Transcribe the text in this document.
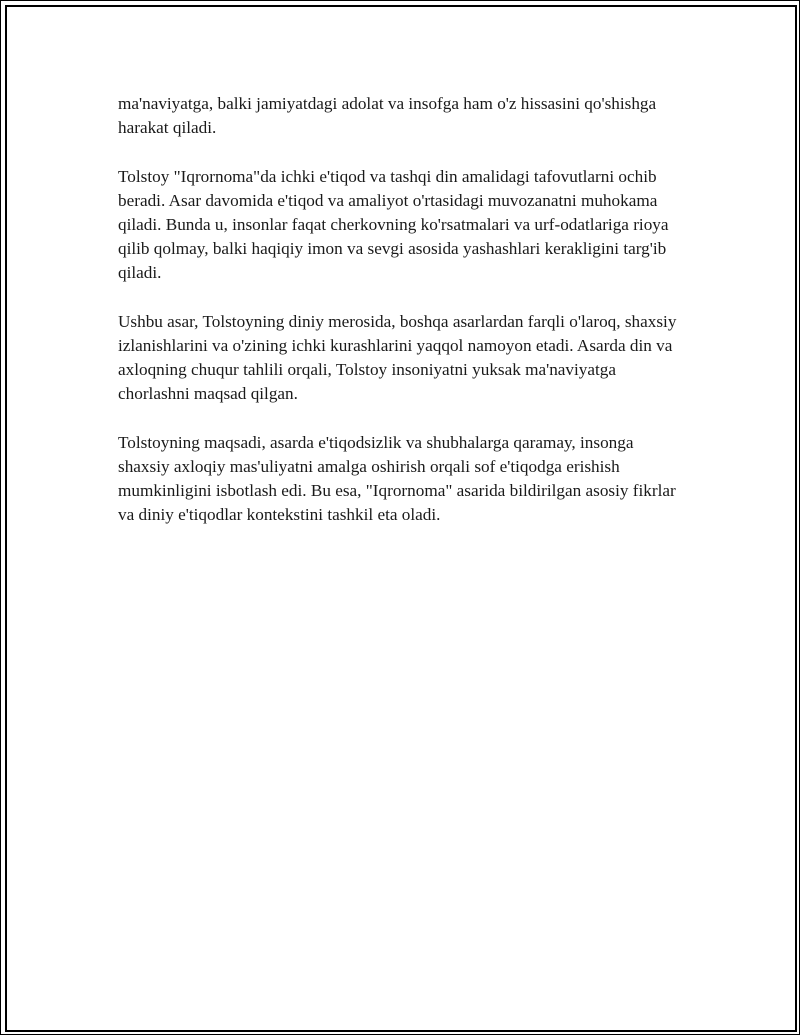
ma'naviyatga, balki jamiyatdagi adolat va insofga ham o'z hissasini qo'shishga harakat qiladi.

Tolstoy "Iqrornoma"da ichki e'tiqod va tashqi din amalidagi tafovutlarni ochib beradi. Asar davomida e'tiqod va amaliyot o'rtasidagi muvozanatni muhokama qiladi. Bunda u, insonlar faqat cherkovning ko'rsatmalari va urf-odatlariga rioya qilib qolmay, balki haqiqiy imon va sevgi asosida yashashlari kerakligini targ'ib qiladi.

Ushbu asar, Tolstoyning diniy merosida, boshqa asarlardan farqli o'laroq, shaxsiy izlanishlarini va o'zining ichki kurashlarini yaqqol namoyon etadi. Asarda din va axloqning chuqur tahlili orqali, Tolstoy insoniyatni yuksak ma'naviyatga chorlashni maqsad qilgan.

Tolstoyning maqsadi, asarda e'tiqodsizlik va shubhalarga qaramay, insonga shaxsiy axloqiy mas'uliyatni amalga oshirish orqali sof e'tiqodga erishish mumkinligini isbotlash edi. Bu esa, "Iqrornoma" asarida bildirilgan asosiy fikrlar va diniy e'tiqodlar kontekstini tashkil eta oladi.
